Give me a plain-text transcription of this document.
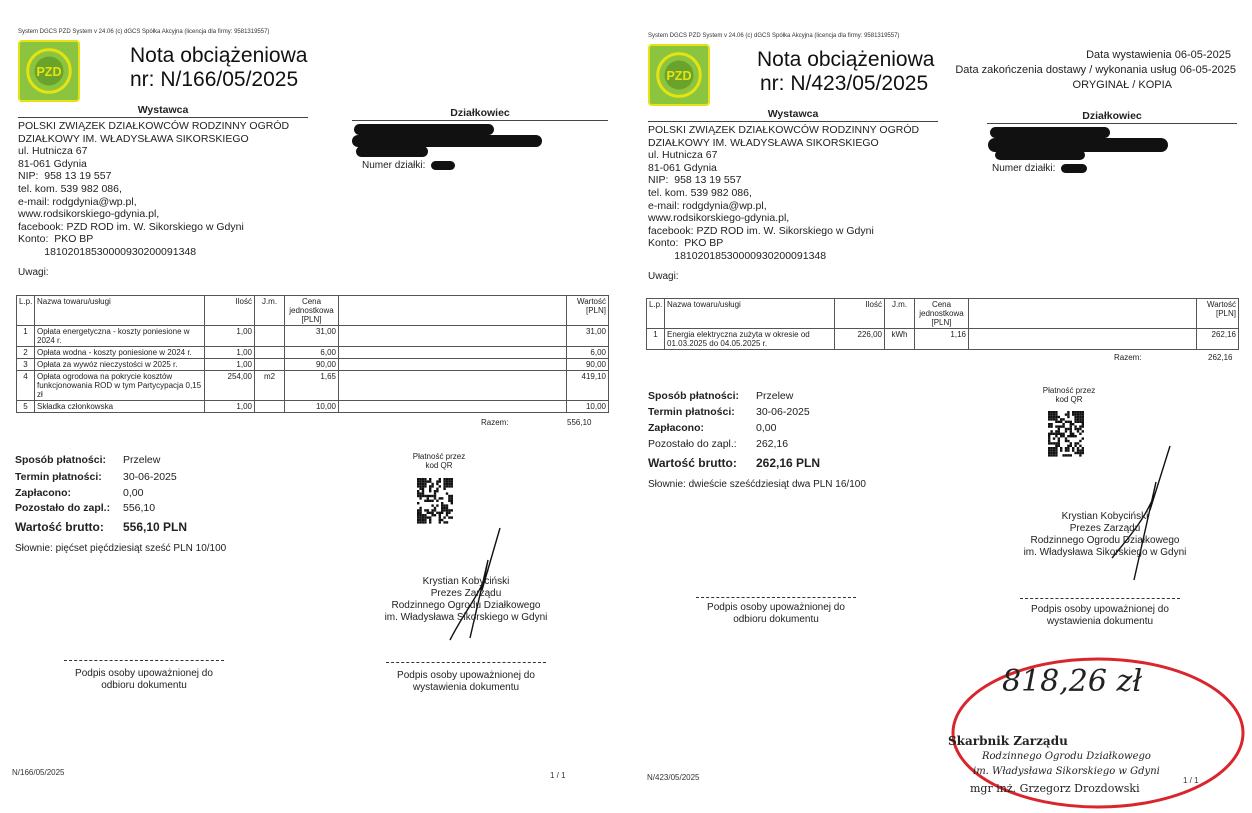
System DGCS PZD System v 24.06 (c) dGCS Spółka Akcyjna (licencja dla firmy: 9581319557)
PZD
Nota obciążeniowa
nr: N/166/05/2025
Wystawca
POLSKI ZWIĄZEK DZIAŁKOWCÓW RODZINNY OGRÓD
DZIAŁKOWY IM. WŁADYSŁAWA SIKORSKIEGO
ul. Hutnicza 67
81-061 Gdynia
NIP:  958 13 19 557
tel. kom. 539 982 086,
e-mail: rodgdynia@wp.pl,
www.rodsikorskiego-gdynia.pl,
facebook: PZD ROD im. W. Sikorskiego w Gdyni
Konto:  PKO BP
18102018530000930200091348
Działkowiec
Numer działki:
Uwagi:
L.p.	Nazwa towaru/usługi	Ilość	J.m.	Cena jednostkowa [PLN]		Wartość [PLN]
1	Opłata energetyczna - koszty poniesione w 2024 r.	1,00		31,00		31,00
2	Opłata wodna - koszty poniesione w 2024 r.	1,00		6,00		6,00
3	Opłata za wywóz nieczystości w 2025 r.	1,00		90,00		90,00
4	Opłata ogrodowa na pokrycie kosztów funkcjonowania ROD w tym Partycypacja 0,15 zł	254,00	m2	1,65		419,10
5	Składka członkowska	1,00		10,00		10,00
Razem:	556,10
Sposób płatności: Przelew
Termin płatności: 30-06-2025
Zapłacono:	0,00
Pozostało do zapl.: 556,10
Wartość brutto: 556,10 PLN
Słownie: pięćset pięćdziesiąt sześć PLN 10/100
Płatność przez kod QR
Krystian Kobyciński
Prezes Zarządu
Rodzinnego Ogrodu Działkowego
im. Władysława Sikorskiego w Gdyni
Podpis osoby upoważnionej do odbioru dokumentu
Podpis osoby upoważnionej do wystawienia dokumentu
N/166/05/2025	1 / 1
System DGCS PZD System v 24.06 (c) dGCS Spółka Akcyjna (licencja dla firmy: 9581319557)
PZD
Nota obciążeniowa
nr: N/423/05/2025
Data wystawienia 06-05-2025
Data zakończenia dostawy / wykonania usług 06-05-2025
ORYGINAŁ / KOPIA
Wystawca
POLSKI ZWIĄZEK DZIAŁKOWCÓW RODZINNY OGRÓD
DZIAŁKOWY IM. WŁADYSŁAWA SIKORSKIEGO
ul. Hutnicza 67
81-061 Gdynia
NIP:  958 13 19 557
tel. kom. 539 982 086,
e-mail: rodgdynia@wp.pl,
www.rodsikorskiego-gdynia.pl,
facebook: PZD ROD im. W. Sikorskiego w Gdyni
Konto:  PKO BP
18102018530000930200091348
Działkowiec
Numer działki:
Uwagi:
L.p.	Nazwa towaru/usługi	Ilość	J.m.	Cena jednostkowa [PLN]		Wartość [PLN]
1	Energia elektryczna zużyta w okresie od 01.03.2025 do 04.05.2025 r.	226,00	kWh	1,16		262,16
Razem:	262,16
Sposób płatności: Przelew
Termin płatności: 30-06-2025
Zapłacono:	0,00
Pozostało do zapl.: 262,16
Wartość brutto: 262,16 PLN
Słownie: dwieście sześćdziesiąt dwa PLN 16/100
Płatność przez kod QR
Krystian Kobyciński
Prezes Zarządu
Rodzinnego Ogrodu Działkowego
im. Władysława Sikorskiego w Gdyni
Podpis osoby upoważnionej do odbioru dokumentu
Podpis osoby upoważnionej do wystawienia dokumentu
N/423/05/2025	1 / 1
818,26 zł
Skarbnik Zarządu
Rodzinnego Ogrodu Działkowego
im. Władysława Sikorskiego w Gdyni
mgr inż. Grzegorz Drozdowski
